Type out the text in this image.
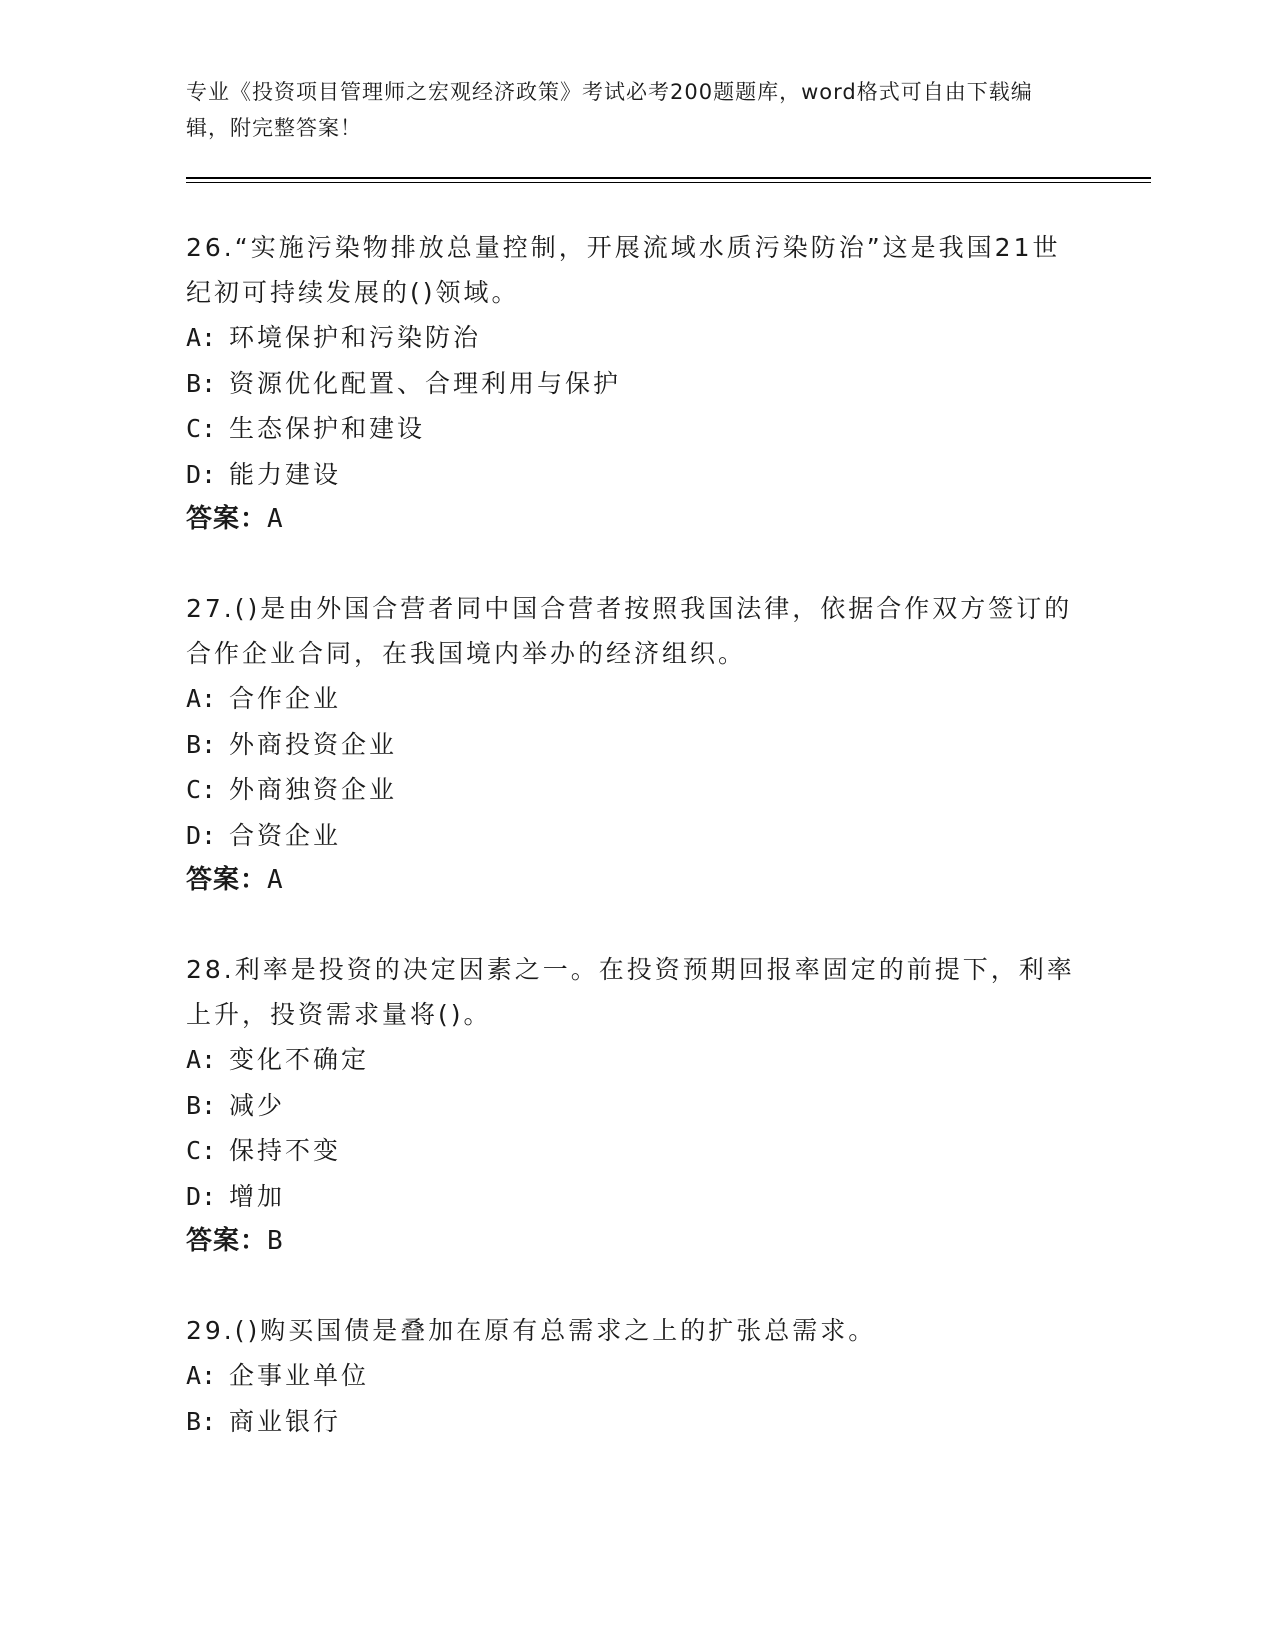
专业《投资项目管理师之宏观经济政策》考试必考200题题库，word格式可自由下载编辑，附完整答案！

26.“实施污染物排放总量控制，开展流域水质污染防治”这是我国21世纪初可持续发展的()领域。

A: 环境保护和污染防治

B: 资源优化配置、合理利用与保护

C: 生态保护和建设

D: 能力建设

答案：A

27.()是由外国合营者同中国合营者按照我国法律，依据合作双方签订的合作企业合同，在我国境内举办的经济组织。

A: 合作企业

B: 外商投资企业

C: 外商独资企业

D: 合资企业

答案：A

28.利率是投资的决定因素之一。在投资预期回报率固定的前提下，利率上升，投资需求量将()。

A: 变化不确定

B: 减少

C: 保持不变

D: 增加

答案：B

29.()购买国债是叠加在原有总需求之上的扩张总需求。

A: 企事业单位

B: 商业银行
